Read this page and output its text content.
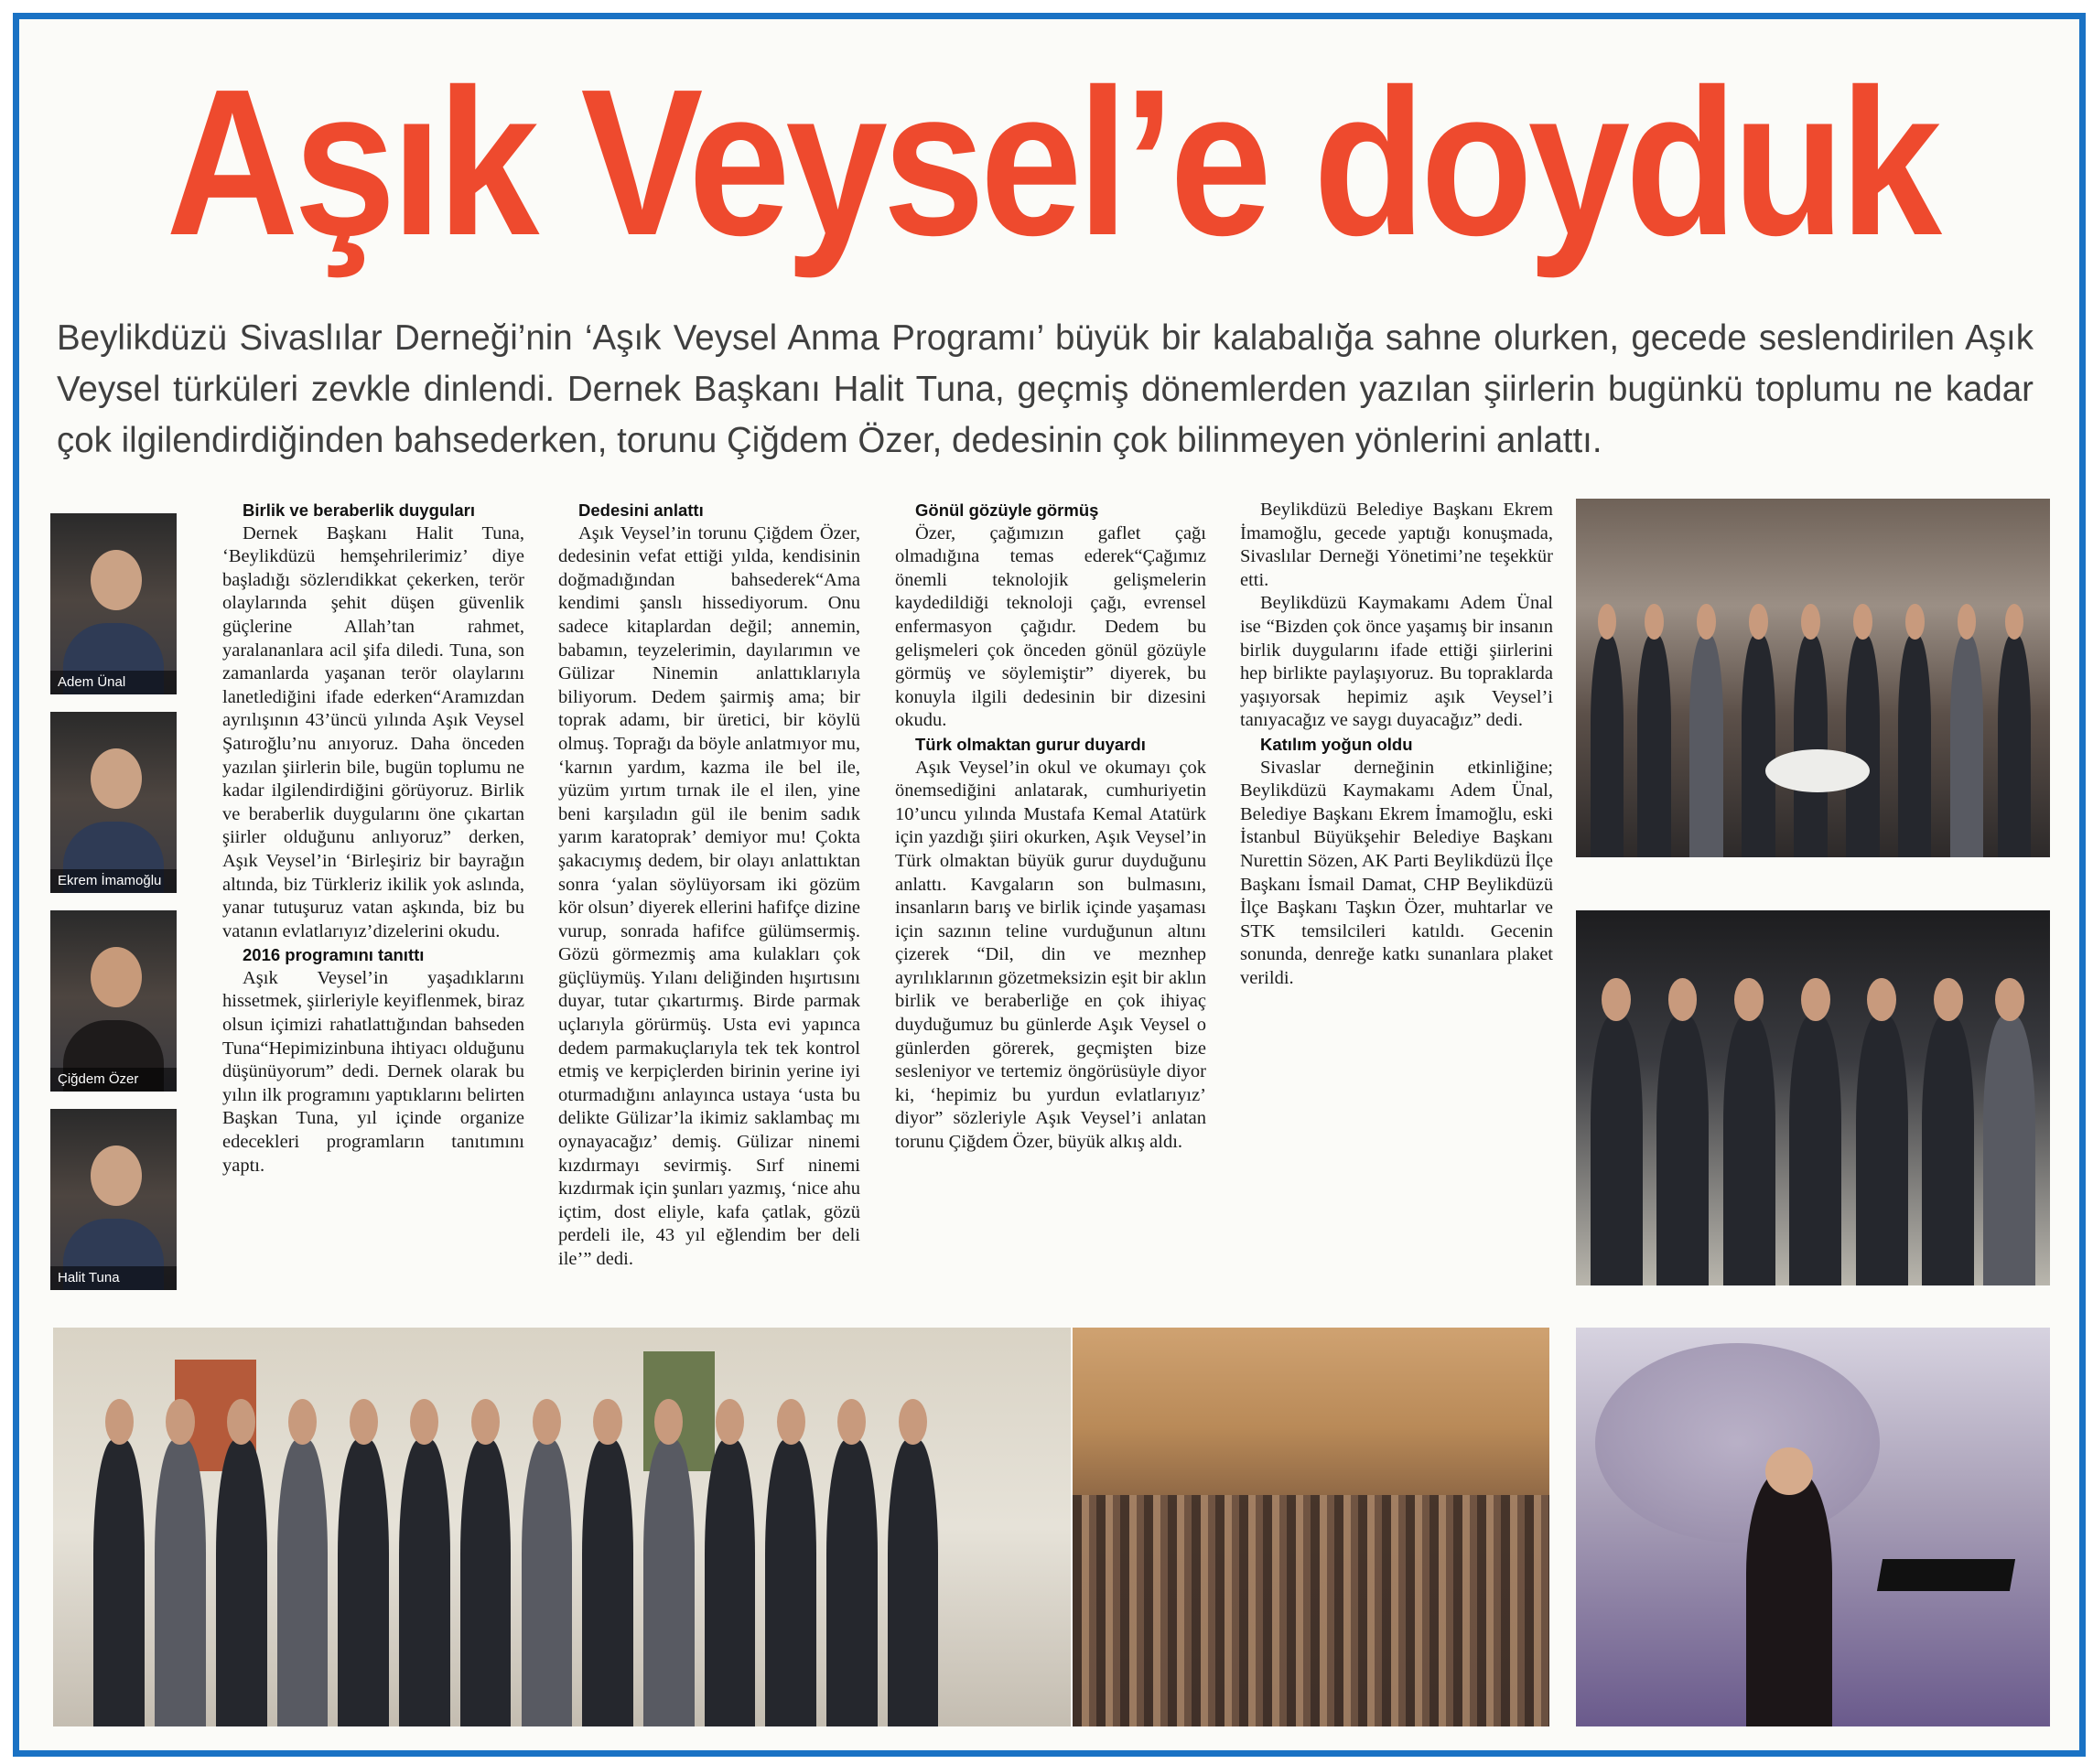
Aşık Veysel’e doyduk
Beylikdüzü Sivaslılar Derneği’nin ‘Aşık Veysel Anma Programı’ büyük bir kalabalığa sahne olurken, gecede seslendirilen Aşık Veysel türküleri zevkle dinlendi. Dernek Başkanı Halit Tuna, geçmiş dönemlerden yazılan şiirlerin bugünkü toplumu ne kadar çok ilgilendirdiğinden bahsederken, torunu Çiğdem Özer, dedesinin çok bilinmeyen yönlerini anlattı.
Adem Ünal
Ekrem İmamoğlu
Çiğdem Özer
Halit Tuna
Birlik ve beraberlik duyguları

Dernek Başkanı Halit Tuna, ‘Beylikdüzü hemşehrilerimiz’ diye başladığı sözlerıdikkat çekerken, terör olaylarında şehit düşen güvenlik güçlerine Allah’tan rahmet, yaralananlara acil şifa diledi. Tuna, son zamanlarda yaşanan terör olaylarını lanetlediğini ifade ederken“Aramızdan ayrılışının 43’üncü yılında Aşık Veysel Şatıroğlu’nu anıyoruz. Daha önceden yazılan şiirlerin bile, bugün toplumu ne kadar ilgilendirdiğini görüyoruz. Birlik ve beraberlik duygularını öne çıkartan şiirler olduğunu anlıyoruz” derken, Aşık Veysel’in ‘Birleşiriz bir bayrağın altında, biz Türkleriz ikilik yok aslında, yanar tutuşuruz vatan aşkında, biz bu vatanın evlatlarıyız’dizelerini okudu.

2016 programını tanıttı

Aşık Veysel’in yaşadıklarını hissetmek, şiirleriyle keyiflenmek, biraz olsun içimizi rahatlattığından bahseden Tuna“Hepimizinbuna ihtiyacı olduğunu düşünüyorum” dedi. Dernek olarak bu yılın ilk programını yaptıklarını belirten Başkan Tuna, yıl içinde organize edecekleri programların tanıtımını yaptı.

Dedesini anlattı

Aşık Veysel’in torunu Çiğdem Özer, dedesinin vefat ettiği yılda, kendisinin doğmadığından bahsederek“Ama kendimi şanslı hissediyorum. Onu sadece kitaplardan değil; annemin, babamın, teyzelerimin, dayılarımın ve Gülizar Ninemin anlattıklarıyla biliyorum. Dedem şairmiş ama; bir toprak adamı, bir üretici, bir köylü olmuş. Toprağı da böyle anlatmıyor mu, ‘karnın yardım, kazma ile bel ile, yüzüm yırtım tırnak ile el ilen, yine beni karşıladın gül ile benim sadık yarım karatoprak’ demiyor mu! Çokta şakacıymış dedem, bir olayı anlattıktan sonra ‘yalan söylüyorsam iki gözüm kör olsun’ diyerek ellerini hafifçe dizine vurup, sonrada hafifce gülümsermiş. Gözü görmezmiş ama kulakları çok güçlüymüş. Yılanı deliğinden hışırtısını duyar, tutar çıkartırmış. Birde parmak uçlarıyla görürmüş. Usta evi yapınca dedem parmakuçlarıyla tek tek kontrol etmiş ve kerpiçlerden birinin yerine iyi oturmadığını anlayınca ustaya ‘usta bu delikte Gülizar’la ikimiz saklambaç mı oynayacağız’ demiş. Gülizar ninemi kızdırmayı sevirmiş. Sırf ninemi kızdırmak için şunları yazmış, ‘nice ahu içtim, dost eliyle, kafa çatlak, gözü perdeli ile, 43 yıl eğlendim ber deli ile’” dedi.

Gönül gözüyle görmüş

Özer, çağımızın gaflet çağı olmadığına temas ederek“Çağımız önemli teknolojik gelişmelerin kaydedildiği teknoloji çağı, evrensel enfermasyon çağıdır. Dedem bu gelişmeleri çok önceden gönül gözüyle görmüş ve söylemiştir” diyerek, bu konuyla ilgili dedesinin bir dizesini okudu.

Türk olmaktan gurur duyardı

Aşık Veysel’in okul ve okumayı çok önemsediğini anlatarak, cumhuriyetin 10’uncu yılında Mustafa Kemal Atatürk için yazdığı şiiri okurken, Aşık Veysel’in Türk olmaktan büyük gurur duyduğunu anlattı. Kavgaların son bulmasını, insanların barış ve birlik içinde yaşaması için sazının teline vurduğunun altını çizerek “Dil, din ve meznhep ayrılıklarının gözetmeksizin eşit bir aklın birlik ve beraberliğe en çok ihiyaç duyduğumuz bu günlerde Aşık Veysel o günlerden görerek, geçmişten bize sesleniyor ve tertemiz öngörüsüyle diyor ki, ‘hepimiz bu yurdun evlatlarıyız’ diyor” sözleriyle Aşık Veysel’i anlatan torunu Çiğdem Özer, büyük alkış aldı.

Beylikdüzü Belediye Başkanı Ekrem İmamoğlu, gecede yaptığı konuşmada, Sivaslılar Derneği Yönetimi’ne teşekkür etti.

Beylikdüzü Kaymakamı Adem Ünal ise “Bizden çok önce yaşamış bir insanın birlik duygularını ifade ettiği şiirlerini hep birlikte paylaşıyoruz. Bu topraklarda yaşıyorsak hepimiz aşık Veysel’i tanıyacağız ve saygı duyacağız” dedi.

Katılım yoğun oldu

Sivaslar derneğinin etkinliğine; Beylikdüzü Kaymakamı Adem Ünal, Belediye Başkanı Ekrem İmamoğlu, eski İstanbul Büyükşehir Belediye Başkanı Nurettin Sözen, AK Parti Beylikdüzü İlçe Başkanı İsmail Damat, CHP Beylikdüzü İlçe Başkanı Taşkın Özer, muhtarlar ve STK temsilcileri katıldı. Gecenin sonunda, denreğe katkı sunanlara plaket verildi.
